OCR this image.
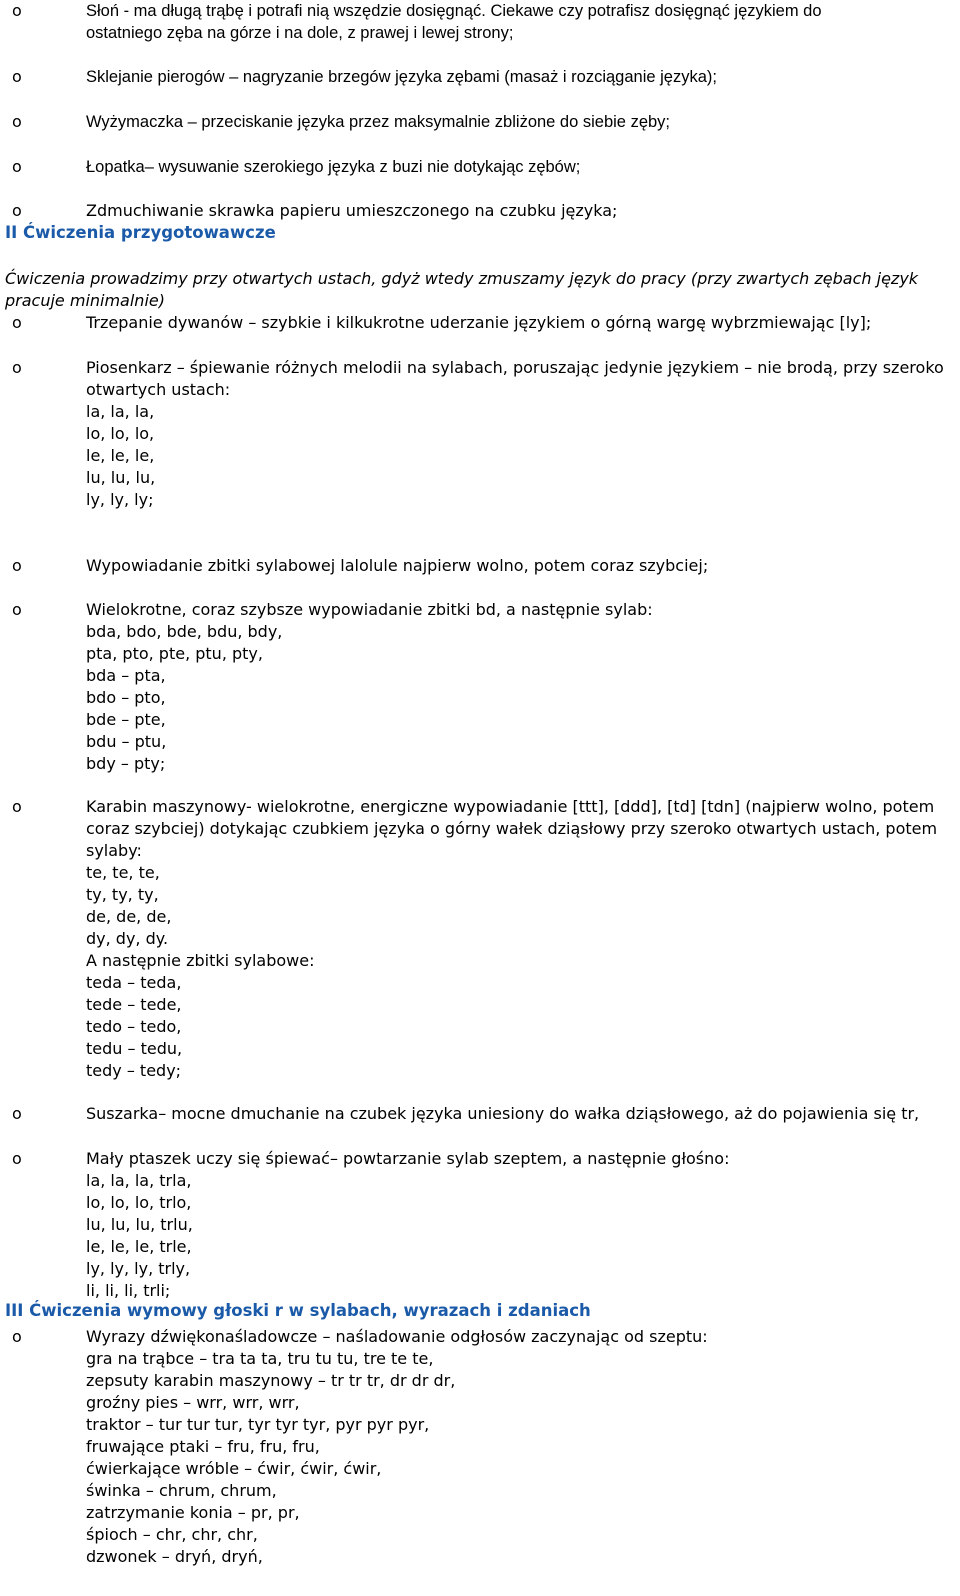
o	Słoń - ma długą trąbę i potrafi nią wszędzie dosięgnąć. Ciekawe czy potrafisz dosięgnąć językiem do
ostatniego zęba na górze i na dole, z prawej i lewej strony;
o	Sklejanie pierogów – nagryzanie brzegów języka zębami (masaż i rozciąganie języka);
o	Wyżymaczka – przeciskanie języka przez maksymalnie zbliżone do siebie zęby;
o	Łopatka– wysuwanie szerokiego języka z buzi nie dotykając zębów;
o	Zdmuchiwanie skrawka papieru umieszczonego na czubku języka;
II Ćwiczenia przygotowawcze
Ćwiczenia prowadzimy przy otwartych ustach, gdyż wtedy zmuszamy język do pracy (przy zwartych zębach język
pracuje minimalnie)
o	Trzepanie dywanów – szybkie i kilkukrotne uderzanie językiem o górną wargę wybrzmiewając [ly];
o	Piosenkarz – śpiewanie różnych melodii na sylabach, poruszając jedynie językiem – nie brodą, przy szeroko
otwartych ustach:
la, la, la,
lo, lo, lo,
le, le, le,
lu, lu, lu,
ly, ly, ly;
o	Wypowiadanie zbitki sylabowej lalolule najpierw wolno, potem coraz szybciej;
o	Wielokrotne, coraz szybsze wypowiadanie zbitki bd, a następnie sylab:
bda, bdo, bde, bdu, bdy,
pta, pto, pte, ptu, pty,
bda – pta,
bdo – pto,
bde – pte,
bdu – ptu,
bdy – pty;
o	Karabin maszynowy- wielokrotne, energiczne wypowiadanie [ttt], [ddd], [td] [tdn] (najpierw wolno, potem
coraz szybciej) dotykając czubkiem języka o górny wałek dziąsłowy przy szeroko otwartych ustach, potem
sylaby:
te, te, te,
ty, ty, ty,
de, de, de,
dy, dy, dy.
A następnie zbitki sylabowe:
teda – teda,
tede – tede,
tedo – tedo,
tedu – tedu,
tedy – tedy;
o	Suszarka– mocne dmuchanie na czubek języka uniesiony do wałka dziąsłowego, aż do pojawienia się tr,
o	Mały ptaszek uczy się śpiewać– powtarzanie sylab szeptem, a następnie głośno:
la, la, la, trla,
lo, lo, lo, trlo,
lu, lu, lu, trlu,
le, le, le, trle,
ly, ly, ly, trly,
li, li, li, trli;
III Ćwiczenia wymowy głoski r w sylabach, wyrazach i zdaniach
o	Wyrazy dźwiękonaśladowcze – naśladowanie odgłosów zaczynając od szeptu:
gra na trąbce – tra ta ta, tru tu tu, tre te te,
zepsuty karabin maszynowy – tr tr tr, dr dr dr,
groźny pies – wrr, wrr, wrr,
traktor – tur tur tur, tyr tyr tyr, pyr pyr pyr,
fruwające ptaki – fru, fru, fru,
ćwierkające wróble – ćwir, ćwir, ćwir,
świnka – chrum, chrum,
zatrzymanie konia – pr, pr,
śpioch – chr, chr, chr,
dzwonek – dryń, dryń,
